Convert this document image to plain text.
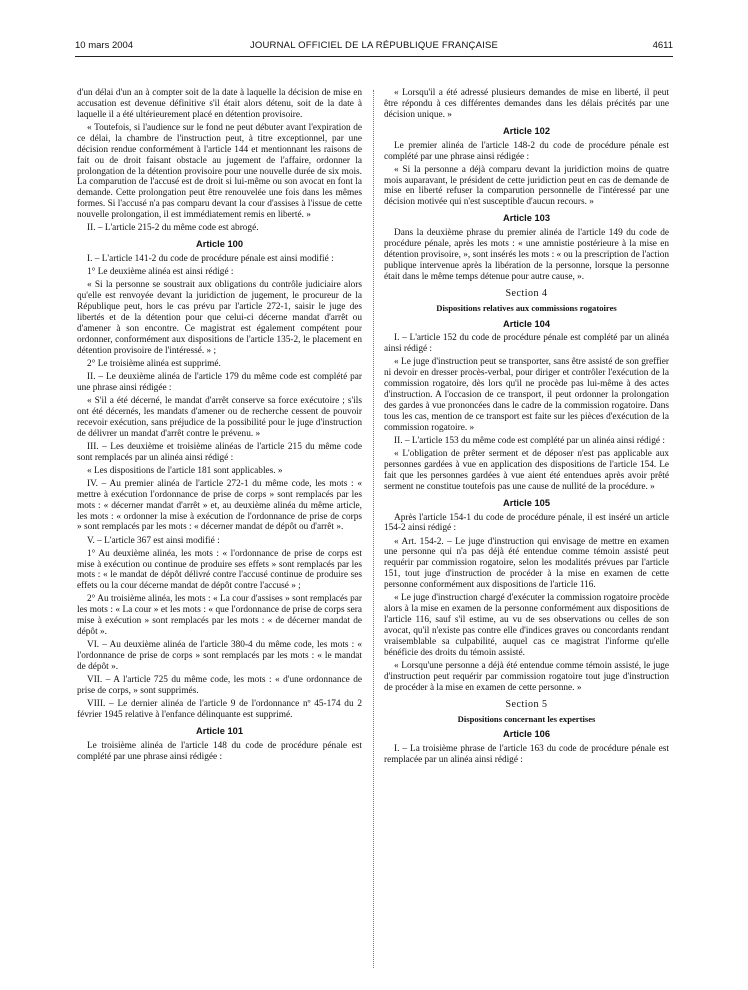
10 mars 2004	JOURNAL OFFICIEL DE LA RÉPUBLIQUE FRANÇAISE	4611

d'un délai d'un an à compter soit de la date à laquelle la décision de mise en accusation est devenue définitive s'il était alors détenu, soit de la date à laquelle il a été ultérieurement placé en détention provisoire.

« Toutefois, si l'audience sur le fond ne peut débuter avant l'expiration de ce délai, la chambre de l'instruction peut, à titre exceptionnel, par une décision rendue conformément à l'article 144 et mentionnant les raisons de fait ou de droit faisant obstacle au jugement de l'affaire, ordonner la prolongation de la détention provisoire pour une nouvelle durée de six mois. La comparution de l'accusé est de droit si lui-même ou son avocat en font la demande. Cette prolongation peut être renouvelée une fois dans les mêmes formes. Si l'accusé n'a pas comparu devant la cour d'assises à l'issue de cette nouvelle prolongation, il est immédiatement remis en liberté. »

II. – L'article 215-2 du même code est abrogé.

Article 100

I. – L'article 141-2 du code de procédure pénale est ainsi modifié :

1° Le deuxième alinéa est ainsi rédigé :

« Si la personne se soustrait aux obligations du contrôle judiciaire alors qu'elle est renvoyée devant la juridiction de jugement, le procureur de la République peut, hors le cas prévu par l'article 272-1, saisir le juge des libertés et de la détention pour que celui-ci décerne mandat d'arrêt ou d'amener à son encontre. Ce magistrat est également compétent pour ordonner, conformément aux dispositions de l'article 135-2, le placement en détention provisoire de l'intéressé. » ;

2° Le troisième alinéa est supprimé.

II. – Le deuxième alinéa de l'article 179 du même code est complété par une phrase ainsi rédigée :

« S'il a été décerné, le mandat d'arrêt conserve sa force exécutoire ; s'ils ont été décernés, les mandats d'amener ou de recherche cessent de pouvoir recevoir exécution, sans préjudice de la possibilité pour le juge d'instruction de délivrer un mandat d'arrêt contre le prévenu. »

III. – Les deuxième et troisième alinéas de l'article 215 du même code sont remplacés par un alinéa ainsi rédigé :

« Les dispositions de l'article 181 sont applicables. »

IV. – Au premier alinéa de l'article 272-1 du même code, les mots : « mettre à exécution l'ordonnance de prise de corps » sont remplacés par les mots : « décerner mandat d'arrêt » et, au deuxième alinéa du même article, les mots : « ordonner la mise à exécution de l'ordonnance de prise de corps » sont remplacés par les mots : « décerner mandat de dépôt ou d'arrêt ».

V. – L'article 367 est ainsi modifié :

1° Au deuxième alinéa, les mots : « l'ordonnance de prise de corps est mise à exécution ou continue de produire ses effets » sont remplacés par les mots : « le mandat de dépôt délivré contre l'accusé continue de produire ses effets ou la cour décerne mandat de dépôt contre l'accusé » ;

2° Au troisième alinéa, les mots : « La cour d'assises » sont remplacés par les mots : « La cour » et les mots : « que l'ordonnance de prise de corps sera mise à exécution » sont remplacés par les mots : « de décerner mandat de dépôt ».

VI. – Au deuxième alinéa de l'article 380-4 du même code, les mots : « l'ordonnance de prise de corps » sont remplacés par les mots : « le mandat de dépôt ».

VII. – A l'article 725 du même code, les mots : « d'une ordonnance de prise de corps, » sont supprimés.

VIII. – Le dernier alinéa de l'article 9 de l'ordonnance nº 45-174 du 2 février 1945 relative à l'enfance délinquante est supprimé.

Article 101

Le troisième alinéa de l'article 148 du code de procédure pénale est complété par une phrase ainsi rédigée :

« Lorsqu'il a été adressé plusieurs demandes de mise en liberté, il peut être répondu à ces différentes demandes dans les délais précités par une décision unique. »

Article 102

Le premier alinéa de l'article 148-2 du code de procédure pénale est complété par une phrase ainsi rédigée :

« Si la personne a déjà comparu devant la juridiction moins de quatre mois auparavant, le président de cette juridiction peut en cas de demande de mise en liberté refuser la comparution personnelle de l'intéressé par une décision motivée qui n'est susceptible d'aucun recours. »

Article 103

Dans la deuxième phrase du premier alinéa de l'article 149 du code de procédure pénale, après les mots : « une amnistie postérieure à la mise en détention provisoire, », sont insérés les mots : « ou la prescription de l'action publique intervenue après la libération de la personne, lorsque la personne était dans le même temps détenue pour autre cause, ».

Section 4
Dispositions relatives aux commissions rogatoires
Article 104

I. – L'article 152 du code de procédure pénale est complété par un alinéa ainsi rédigé :

« Le juge d'instruction peut se transporter, sans être assisté de son greffier ni devoir en dresser procès-verbal, pour diriger et contrôler l'exécution de la commission rogatoire, dès lors qu'il ne procède pas lui-même à des actes d'instruction. A l'occasion de ce transport, il peut ordonner la prolongation des gardes à vue prononcées dans le cadre de la commission rogatoire. Dans tous les cas, mention de ce transport est faite sur les pièces d'exécution de la commission rogatoire. »

II. – L'article 153 du même code est complété par un alinéa ainsi rédigé :

« L'obligation de prêter serment et de déposer n'est pas applicable aux personnes gardées à vue en application des dispositions de l'article 154. Le fait que les personnes gardées à vue aient été entendues après avoir prêté serment ne constitue toutefois pas une cause de nullité de la procédure. »

Article 105

Après l'article 154-1 du code de procédure pénale, il est inséré un article 154-2 ainsi rédigé :

« Art. 154-2. – Le juge d'instruction qui envisage de mettre en examen une personne qui n'a pas déjà été entendue comme témoin assisté peut requérir par commission rogatoire, selon les modalités prévues par l'article 151, tout juge d'instruction de procéder à la mise en examen de cette personne conformément aux dispositions de l'article 116.

« Le juge d'instruction chargé d'exécuter la commission rogatoire procède alors à la mise en examen de la personne conformément aux dispositions de l'article 116, sauf s'il estime, au vu de ses observations ou celles de son avocat, qu'il n'existe pas contre elle d'indices graves ou concordants rendant vraisemblable sa culpabilité, auquel cas ce magistrat l'informe qu'elle bénéficie des droits du témoin assisté.

« Lorsqu'une personne a déjà été entendue comme témoin assisté, le juge d'instruction peut requérir par commission rogatoire tout juge d'instruction de procéder à la mise en examen de cette personne. »

Section 5
Dispositions concernant les expertises
Article 106

I. – La troisième phrase de l'article 163 du code de procédure pénale est remplacée par un alinéa ainsi rédigé :
